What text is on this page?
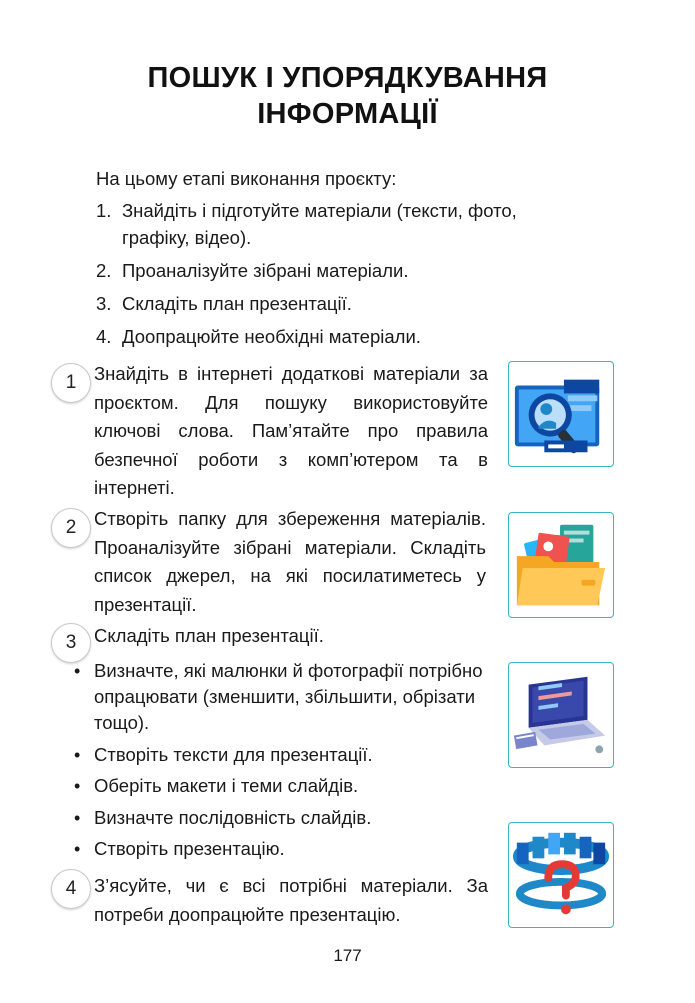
ПОШУК І УПОРЯДКУВАННЯ
ІНФОРМАЦІЇ
На цьому етапі виконання проєкту:
1. Знайдіть і підготуйте матеріали (тексти, фото, графіку, відео).
2. Проаналізуйте зібрані матеріали.
3. Складіть план презентації.
4. Доопрацюйте необхідні матеріали.
1 Знайдіть в інтернеті додаткові матеріали за проєктом. Для пошуку використовуйте ключові слова. Пам’ятайте про правила безпечної роботи з комп’ютером та в інтернеті.
2 Створіть папку для збереження матеріалів. Проаналізуйте зібрані матеріали. Складіть список джерел, на які посилатиметесь у презентації.
3 Складіть план презентації.
• Визначте, які малюнки й фотографії потрібно опрацювати (зменшити, збільшити, обрізати тощо).
• Створіть тексти для презентації.
• Оберіть макети і теми слайдів.
• Визначте послідовність слайдів.
• Створіть презентацію.
4 З’ясуйте, чи є всі потрібні матеріали. За потреби доопрацюйте презентацію.
177
